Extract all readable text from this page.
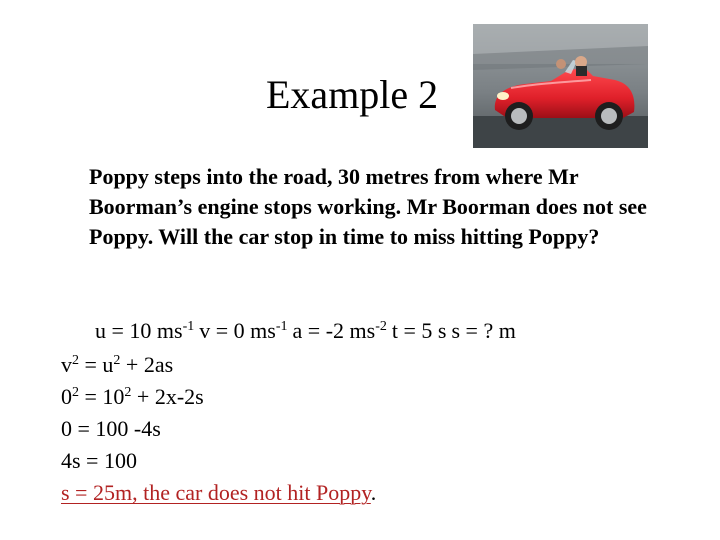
Example 2
Poppy steps into the road, 30 metres from where Mr Boorman’s engine stops working. Mr Boorman does not see Poppy. Will the car stop in time to miss hitting Poppy?
u = 10 $ms^{-1}$ v = 0 $ms^{-1}$ a = -2 $ms^{-2}$ t = 5 s s = ? m
$v^2 = u^2 + 2as$
$0^2 = 10^2 + 2x-2s$
0 = 100 -4s
4s = 100
s = 25m, the car does not hit Poppy.
